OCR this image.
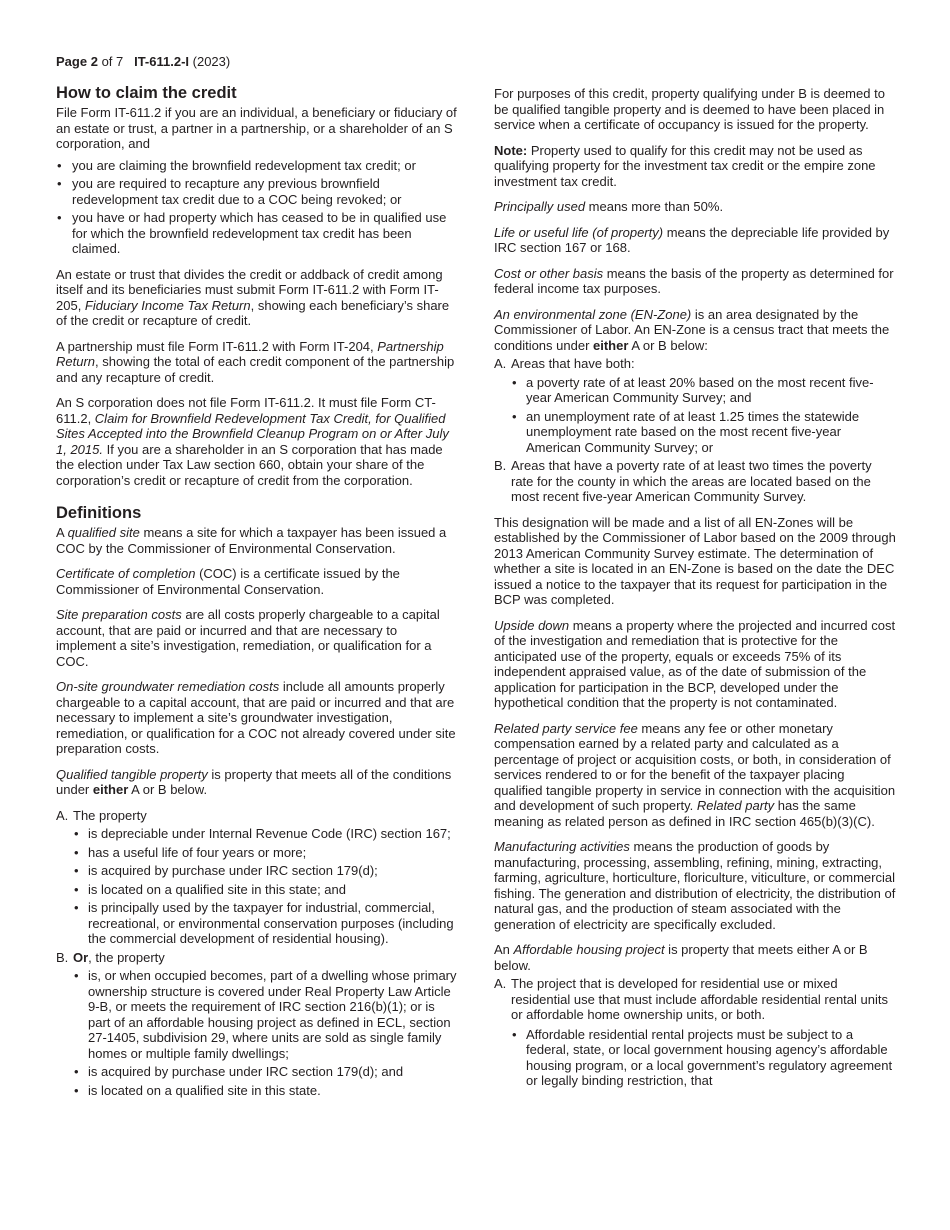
Page 2 of 7 IT-611.2-I (2023)
How to claim the credit

File Form IT-611.2 if you are an individual, a beneficiary or fiduciary of an estate or trust, a partner in a partnership, or a shareholder of an S corporation, and

• you are claiming the brownfield redevelopment tax credit; or
• you are required to recapture any previous brownfield redevelopment tax credit due to a COC being revoked; or
• you have or had property which has ceased to be in qualified use for which the brownfield redevelopment tax credit has been claimed.

An estate or trust that divides the credit or addback of credit among itself and its beneficiaries must submit Form IT-611.2 with Form IT-205, Fiduciary Income Tax Return, showing each beneficiary’s share of the credit or recapture of credit.

A partnership must file Form IT-611.2 with Form IT-204, Partnership Return, showing the total of each credit component of the partnership and any recapture of credit.

An S corporation does not file Form IT-611.2. It must file Form CT-611.2, Claim for Brownfield Redevelopment Tax Credit, for Qualified Sites Accepted into the Brownfield Cleanup Program on or After July 1, 2015. If you are a shareholder in an S corporation that has made the election under Tax Law section 660, obtain your share of the corporation’s credit or recapture of credit from the corporation.

Definitions

A qualified site means a site for which a taxpayer has been issued a COC by the Commissioner of Environmental Conservation.

Certificate of completion (COC) is a certificate issued by the Commissioner of Environmental Conservation.

Site preparation costs are all costs properly chargeable to a capital account, that are paid or incurred and that are necessary to implement a site’s investigation, remediation, or qualification for a COC.

On-site groundwater remediation costs include all amounts properly chargeable to a capital account, that are paid or incurred and that are necessary to implement a site’s groundwater investigation, remediation, or qualification for a COC not already covered under site preparation costs.

Qualified tangible property is property that meets all of the conditions under either A or B below.

A. The property
• is depreciable under Internal Revenue Code (IRC) section 167;
• has a useful life of four years or more;
• is acquired by purchase under IRC section 179(d);
• is located on a qualified site in this state; and
• is principally used by the taxpayer for industrial, commercial, recreational, or environmental conservation purposes (including the commercial development of residential housing).
B. Or, the property
• is, or when occupied becomes, part of a dwelling whose primary ownership structure is covered under Real Property Law Article 9-B, or meets the requirement of IRC section 216(b)(1); or is part of an affordable housing project as defined in ECL, section 27-1405, subdivision 29, where units are sold as single family homes or multiple family dwellings;
• is acquired by purchase under IRC section 179(d); and
• is located on a qualified site in this state.

For purposes of this credit, property qualifying under B is deemed to be qualified tangible property and is deemed to have been placed in service when a certificate of occupancy is issued for the property.

Note: Property used to qualify for this credit may not be used as qualifying property for the investment tax credit or the empire zone investment tax credit.

Principally used means more than 50%.

Life or useful life (of property) means the depreciable life provided by IRC section 167 or 168.

Cost or other basis means the basis of the property as determined for federal income tax purposes.

An environmental zone (EN-Zone) is an area designated by the Commissioner of Labor. An EN-Zone is a census tract that meets the conditions under either A or B below:

A. Areas that have both:
• a poverty rate of at least 20% based on the most recent five-year American Community Survey; and
• an unemployment rate of at least 1.25 times the statewide unemployment rate based on the most recent five-year American Community Survey; or
B. Areas that have a poverty rate of at least two times the poverty rate for the county in which the areas are located based on the most recent five-year American Community Survey.

This designation will be made and a list of all EN-Zones will be established by the Commissioner of Labor based on the 2009 through 2013 American Community Survey estimate. The determination of whether a site is located in an EN-Zone is based on the date the DEC issued a notice to the taxpayer that its request for participation in the BCP was completed.

Upside down means a property where the projected and incurred cost of the investigation and remediation that is protective for the anticipated use of the property, equals or exceeds 75% of its independent appraised value, as of the date of submission of the application for participation in the BCP, developed under the hypothetical condition that the property is not contaminated.

Related party service fee means any fee or other monetary compensation earned by a related party and calculated as a percentage of project or acquisition costs, or both, in consideration of services rendered to or for the benefit of the taxpayer placing qualified tangible property in service in connection with the acquisition and development of such property. Related party has the same meaning as related person as defined in IRC section 465(b)(3)(C).

Manufacturing activities means the production of goods by manufacturing, processing, assembling, refining, mining, extracting, farming, agriculture, horticulture, floriculture, viticulture, or commercial fishing. The generation and distribution of electricity, the distribution of natural gas, and the production of steam associated with the generation of electricity are specifically excluded.

An Affordable housing project is property that meets either A or B below.

A. The project that is developed for residential use or mixed residential use that must include affordable residential rental units or affordable home ownership units, or both.
• Affordable residential rental projects must be subject to a federal, state, or local government housing agency’s affordable housing program, or a local government’s regulatory agreement or legally binding restriction, that
